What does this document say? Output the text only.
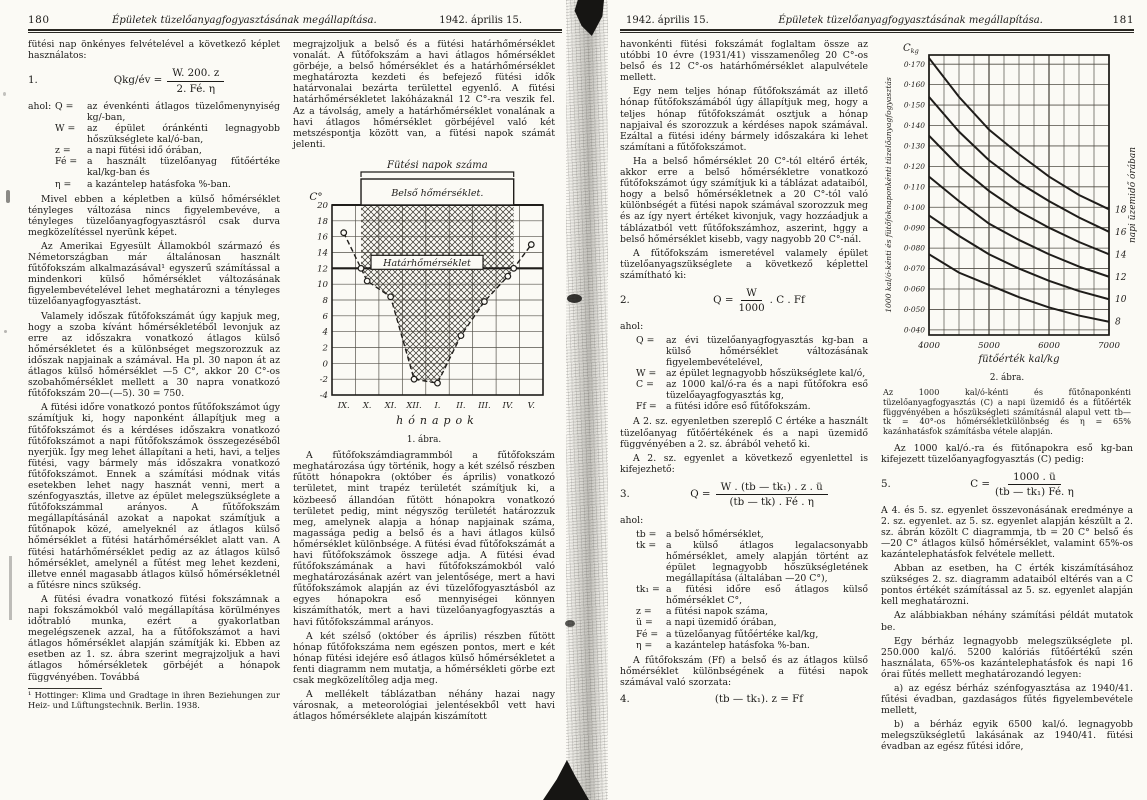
180	Épületek tüzelőanyagfogyasztásának megállapítása.	1942. április 15.

fütési nap önkényes felvételével a következő képlet használatos:

1.	Qkg/év = $\frac{W. 200. z}{2. Fé. \eta}$
ahol: Q =	az évenkénti átlagos tüzelőmenynyiség kg/-ban,
W =	az épület óránkénti legnagyobb hőszükséglete kal/ó-ban,
z =	a napi fütési idő órában,
Fé =	a használt tüzelőanyag fűtőértéke kal/kg-ban és
η =	a kazántelep hatásfoka %-ban.

Mivel ebben a képletben a külső hőmérséklet tényleges változása nincs figyelembevéve, a tényleges tüzelőanyagfogyasztásról csak durva megközelítéssel nyerünk képet.

Az Amerikai Egyesült Államokból származó és Németországban már általánosan használt fűtőfokszám alkalmazásával¹ egyszerű számítással a mindenkori külső hőmérséklet változásának figyelembevételével lehet meghatározni a tényleges tüzelőanyagfogyasztást.

Valamely időszak fűtőfokszámát úgy kapjuk meg, hogy a szoba kívánt hőmérsékletéből levonjuk az erre az időszakra vonatkozó átlagos külső hőmérsékletet és a különbséget megszorozzuk az időszak napjainak a számával. Ha pl. 30 napon át az átlagos külső hőmérséklet —5 C°, akkor 20 C°-os szobahőmérséklet mellett a 30 napra vonatkozó fűtőfokszám 20—(—5). 30 = 750.

A fütési időre vonatkozó pontos fűtőfokszámot úgy számítjuk ki, hogy naponként állapítjuk meg a fűtőfokszámot és a kérdéses időszakra vonatkozó fűtőfokszámot a napi fűtőfokszámok összegezéséből nyerjük. Így meg lehet állapítani a heti, havi, a teljes fütési, vagy bármely más időszakra vonatkozó fűtőfokszámot. Ennek a számítási módnak vitás esetekben lehet nagy hasznát venni, mert a szénfogyasztás, illetve az épület melegszükséglete a fűtőfokszámmal arányos. A fűtőfokszám megállapításánál azokat a napokat számítjuk a fűtőnapok közé, amelyeknél az átlagos külső hőmérséklet a fütési határhőmérséklet alatt van. A fütési határhőmérséklet pedig az az átlagos külső hőmérséklet, amelynél a fűtést meg lehet kezdeni, illetve ennél magasabb átlagos külső hőmérsékletnél a fűtésre nincs szükség.

A fütési évadra vonatkozó fütési fokszámnak a napi fokszámokból való megállapítása körülményes időtrabló munka, ezért a gyakorlatban megelégszenek azzal, ha a fűtőfokszámot a havi átlagos hőmérséklet alapján számítják ki. Ebben az esetben az 1. sz. ábra szerint megrajzoljuk a havi átlagos hőmérsékletek görbéjét a hónapok függvényében. Továbbá

¹ Hottinger: Klima und Gradtage in ihren Beziehungen zur Heiz- und Lüftungstechnik. Berlin. 1938.

megrajzoljuk a belső és a fütési határhőmérséklet vonalát. A fűtőfokszám a havi átlagos hőmérséklet görbéje, a belső hőmérséklet és a határhőmérséklet meghatározta kezdeti és befejező fütési idők határvonalai bezárta területtel egyenlő. A fütési határhőmérsékletet lakóházaknál 12 C°-ra veszik fel. Az a távolság, amely a határhőmérséklet vonalának a havi átlagos hőmérséklet görbéjével való két metszéspontja között van, a fütési napok számát jelenti.

Belső hőmérséklet.
Fütési napok száma
Határhőmérséklet
C°
20
18
16
14
12
10
8
6
4
2
0
-2
-4
IX. X. XI. XII. I. II. III. IV. V.
hónapok
1. ábra.

A fűtőfokszámdiagrammból a fűtőfokszám meghatározása úgy történik, hogy a két szélső részben fűtött hónapokra (október és április) vonatkozó területet, mint trapéz területét számítjuk ki, a közbeeső állandóan fűtött hónapokra vonatkozó területet pedig, mint négyszög területét határozzuk meg, amelynek alapja a hónap napjainak száma, magassága pedig a belső és a havi átlagos külső hőmérséklet különbsége. A fütési évad fűtőfokszámát a havi fűtőfokszámok összege adja. A fütési évad fűtőfokszámának a havi fűtőfokszámokból való meghatározásának azért van jelentősége, mert a havi fűtőfokszámok alapján az évi tüzelőfogyasztásból az egyes hónapokra eső mennyiségei könnyen kiszámíthatók, mert a havi tüzelőanyagfogyasztás a havi fűtőfokszámmal arányos.

A két szélső (október és április) részben fűtött hónap fűtőfokszáma nem egészen pontos, mert e két hónap fütési idejére eső átlagos külső hőmérsékletet a fenti diagramm nem mutatja, a hőmérsékleti görbe ezt csak megközelítőleg adja meg.

A mellékelt táblázatban néhány hazai nagy városnak, a meteorológiai jelentésekből vett havi átlagos hőmérséklete alajpán kiszámított

1942. április 15.	Épületek tüzelőanyagfogyasztásának megállapítása.	181

havonkénti fütési fokszámát foglaltam össze az utóbbi 10 évre (1931/41) visszamenőleg 20 C°-os belső és 12 C°-os határhőmérséklet alapulvétele mellett.

Egy nem teljes hónap fűtőfokszámát az illető hónap fűtőfokszámából úgy állapítjuk meg, hogy a teljes hónap fűtőfokszámát osztjuk a hónap napjaival és szorozzuk a kérdéses napok számával. Ezáltal a fütési idény bármely időszakára ki lehet számítani a fűtőfokszámot.

Ha a belső hőmérséklet 20 C°-tól eltérő érték, akkor erre a belső hőmérsékletre vonatkozó fűtőfokszámot úgy számítjuk ki a táblázat adataiból, hogy a belső hőmérsékletnek a 20 C°-tól való különbségét a fütési napok számával szorozzuk meg és az így nyert értéket kivonjuk, vagy hozzáadjuk a táblázatból vett fűtőfokszámhoz, aszerint, hggy a belső hőmérséklet kisebb, vagy nagyobb 20 C°-nál.

A fűtőfokszám ismeretével valamely épület tüzelőanyagszükséglete a következő képlettel számítható ki:

2.	$Q = \frac{W}{1000}$ . C . Ff

ahol:

Q =	az évi tüzelőanyagfogyasztás kg-ban a külső hőmérséklet változásának figyelembevételével,
W =	az épület legnagyobb hőszükséglete kal/ó,
C =	az 1000 kal/ó-ra és a napi fűtőfokra eső tüzelőayagfogyasztás kg,
Ff =	a fütési időre eső fűtőfokszám.

A 2. sz. egyenletben szereplő C értéke a használt tüzelőanyag fűtőértékének és a napi üzemidő függvényében a 2. sz. ábrából vehető ki.

A 2. sz. egyenlet a következő egyenlettel is kifejezhető:

3.	$Q = \frac{\text{W . (tb — tk₁) . z . ü}}{(tb — tk) . Fé . \eta}$

ahol:

tb =	a belső hőmérséklet,
tk =	a külső átlagos legalacsonyabb hőmérséklet, amely alapján történt az épület legnagyobb hőszükségletének megállapítása (általában —20 C°),
tk₁ = a fütési időre eső átlagos külső hőmérséklet C°,
z =	a fütési napok száma,
ü =	a napi üzemidő órában,
Fé = a tüzelőanyag fűtőértéke kal/kg,
η =	a kazántelep hatásfoka %-ban.

A fűtőfokszám (Ff) a belső és az átlagos külső hőmérséklet különbségének a fütési napok számával való szorzata:

4.	(tb — tk₁). z = Ff
18
16
14
12
10
8
0·170
0·160
0·150
0·140
0·130
0·120
0·110
0·100
0·090
0·080
0·070
0·060
0·050
0·040
$C_{kg}$
4000	5000	6000	7000
fütőérték kal/kg
1000 kal/ó-kénti és fütőfoknaponkénti tüzelőanyagfogyasztás	napi üzemidő órában
2. ábra.
Az 1000 kal/ó-kénti és fűtőnaponkénti tüzelőanyagfogyasztás (C) a napi üzemidő és a fűtőérték függvényében a hőszükségleti számításnál alapul vett tb—tk = 40°-os hőmérsékletkülönbség és η = 65% kazánhatásfok számításba vétele alapján.

Az 1000 kal/ó.-ra és fütőnapokra eső kg-ban kifejezett tüzelőanyagfogyasztás (C) pedig:

5.	$C = \frac{1000 . ü}{\text{(tb — tk₁) Fé. η}}$

A 4. és 5. sz. egyenlet összevonásának eredménye a 2. sz. egyenlet. az 5. sz. egyenlet alapján készült a 2. sz. ábrán közölt C diagrammja, tb = 20 C° belső és —20 C° átlagos külső hőmérséklet, valamint 65%-os kazántelephatásfok felvétele mellett.

Abban az esetben, ha C érték kiszámításához szükséges 2. sz. diagramm adataiból eltérés van a C pontos értékét számítással az 5. sz. egyenlet alapján kell meghatározni.

Az alábbiakban néhány számítási példát mutatok be.

Egy bérház legnagyobb melegszükséglete pl. 250.000 kal/ó. 5200 kalóriás fűtőértékű szén használata, 65%-os kazántelephatásfok és napi 16 órai fűtés mellett meghatározandó legyen:

a) az egész bérház szénfogyasztása az 1940/41. fűtési évadban, gazdaságos fűtés figyelembevétele mellett,

b) a bérház egyik 6500 kal/ó. legnagyobb melegszükségletű lakásának az 1940/41. fütési évadban az egész fűtési időre,
